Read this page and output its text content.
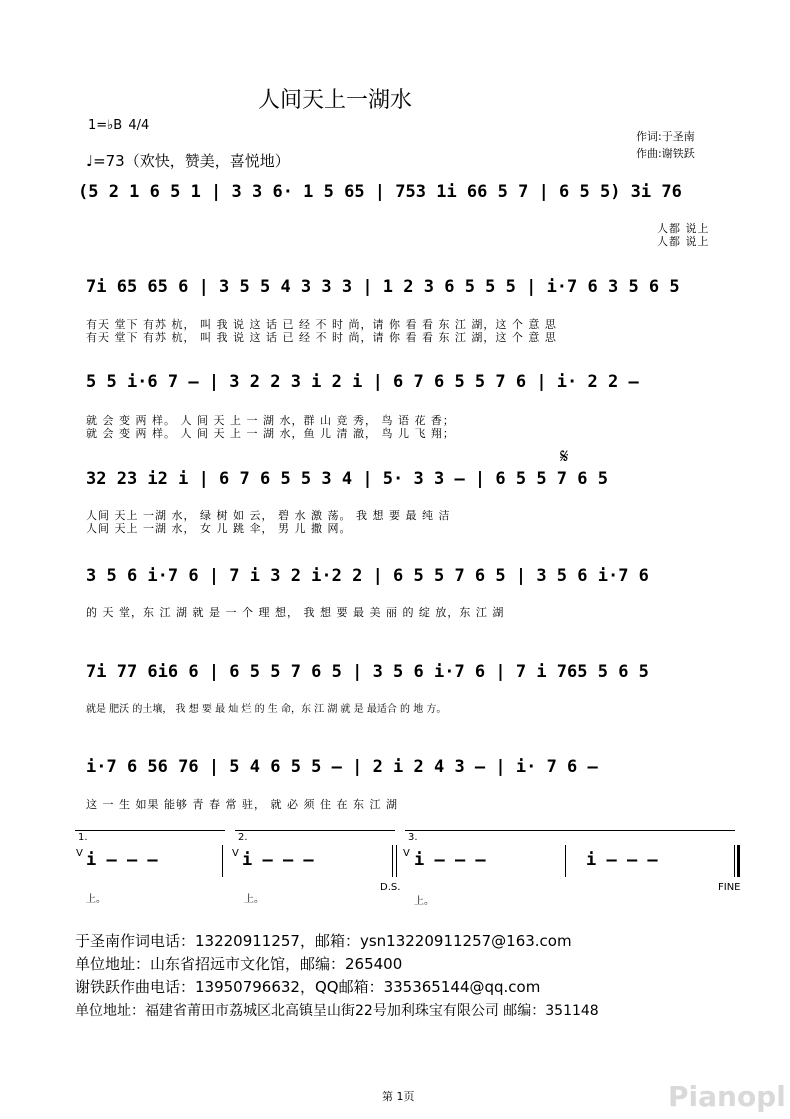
人间天上一湖水
1=♭B 4/4
♩=73（欢快，赞美，喜悦地）
作词:于圣南
作曲:谢铁跃
(5 2 1 6 5 1 | 3 3 6· 1 5 65 | 753 1i 66 5 7 | 6 5 5) 3i 76
人都 说上
人都 说上
7i 65 65 6 | 3 5 5 4 3 3 3 | 1 2 3 6 5 5 5 | i·7 6 3 5 6 5
有天 堂下 有苏 杭， 叫 我 说 这 话 已 经 不 时 尚，请 你 看 看 东 江 湖，这 个 意 思
有天 堂下 有苏 杭， 叫 我 说 这 话 已 经 不 时 尚，请 你 看 看 东 江 湖，这 个 意 思
5 5 i·6 7 – | 3 2 2 3 i 2 i | 6 7 6 5 5 7 6 | i· 2 2 –
就 会 变 两 样。 人 间 天 上 一 湖 水，群 山 竞 秀， 鸟 语 花 香；
就 会 变 两 样。 人 间 天 上 一 湖 水，鱼 儿 清 澈， 鸟 儿 飞 翔；
𝄋
32 23 i2 i | 6 7 6 5 5 3 4 | 5· 3 3 – | 6 5 5 7 6 5
人间 天上 一湖 水， 绿 树 如 云， 碧 水 激 荡。 我 想 要 最 纯 洁
人间 天上 一湖 水， 女 儿 跳 伞， 男 儿 撒 网。
3 5 6 i·7 6 | 7 i 3 2 i·2 2 | 6 5 5 7 6 5 | 3 5 6 i·7 6
的 天 堂，东 江 湖 就 是 一 个 理 想， 我 想 要 最 美 丽 的 绽 放，东 江 湖
7i 77 6i6 6 | 6 5 5 7 6 5 | 3 5 6 i·7 6 | 7 i 765 5 6 5
就是 肥沃 的土壤， 我 想 要 最 灿 烂 的 生 命，东 江 湖 就 是 最适合 的 地 方。
i·7 6 56 76 | 5 4 6 5 5 – | 2 i 2 4 3 – | i· 7 6 –
这 一 生 如果 能够 青 春 常 驻， 就 必 须 住 在 东 江 湖
1.
V i – – –
上。
2.
V i – – –
上。
3.
V i – – –	i – – –
D.S.
上。
FINE
于圣南作词电话：13220911257，邮箱：ysn13220911257@163.com
单位地址：山东省招远市文化馆，邮编：265400
谢铁跃作曲电话：13950796632，QQ邮箱：335365144@qq.com
单位地址：福建省莆田市荔城区北高镇呈山街22号加利珠宝有限公司 邮编：351148
第 1页	Pianopl
